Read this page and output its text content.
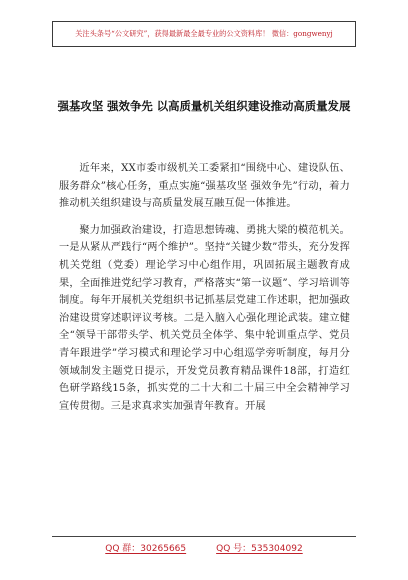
关注头条号“公文研究”，获得最新最全最专业的公文资料库！ 微信：gongwenyj
强基攻坚 强效争先 以高质量机关组织建设推动高质量发展

近年来，XX市委市级机关工委紧扣“围绕中心、建设队伍、服务群众”核心任务，重点实施“强基攻坚 强效争先”行动，着力推动机关组织建设与高质量发展互融互促一体推进。

聚力加强政治建设，打造思想铸魂、勇挑大梁的模范机关。一是从紧从严践行“两个维护”。坚持“关键少数”带头，充分发挥机关党组（党委）理论学习中心组作用，巩固拓展主题教育成果，全面推进党纪学习教育，严格落实“第一议题”、学习培训等制度。每年开展机关党组织书记抓基层党建工作述职，把加强政治建设贯穿述职评议考核。二是入脑入心强化理论武装。建立健全“领导干部带头学、机关党员全体学、集中轮训重点学、党员青年跟进学”学习模式和理论学习中心组巡学旁听制度，每月分领域制发主题党日提示，开发党员教育精品课件18部，打造红色研学路线15条，抓实党的二十大和二十届三中全会精神学习宣传贯彻。三是求真求实加强青年教育。开展

QQ 群：30265665	QQ 号：535304092
